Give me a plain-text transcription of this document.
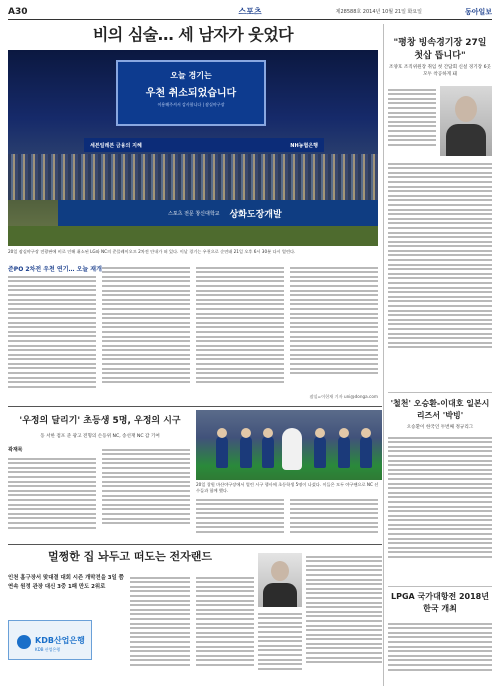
A30	스포츠	제28588호 2014년 10월 21일 화요일	동아일보
비의 심술… 세 남자가 웃었다
오늘 경기는
우천 취소되었습니다
이용해주셔서 감사합니다 | 잠실야구장
세븐일레븐 금융의 지혜	NH농협은행
스포츠 전문 창신대학교 상화도장개발
20일 잠실야구장 전광판에 비로 인해 취소된 LG와 NC의 준플레이오프 2차전 안내가 떠 있다. 이날 경기는 우천으로 순연돼 21일 오후 6시 30분 다시 열린다.
준PO 2차전 우천 연기… 오늘 재개
잠실=이헌재 기자 uni@donga.com
"평창 빙속경기장 27일 첫삽 뜹니다"
조양호 조직위원장 취임 첫 간담회 신설 경기장 6곳 모두 착공하게 돼
'철천' 오승환-이대호 일본시리즈서 '박빙'
오승환이 한국인 두번째 정규리그
'우정의 달리기' 초등생 5명, 우정의 시구
동 서한 점포 준 광고 전형의 손등위 NC, 송선재 NC 갑 기여
곽재묵
20일 창원 마산야구장에서 열린 시구 행사에 초등학생 5명이 나섰다. 이들은 모두 야구팬으로 NC 선수들과 함께 했다.
멀쩡한 집 놔두고 떠도는 전자랜드
인천 홈구장서 맞대결 대회 시즌 개막전을 3일 쯤 연속 원정 관장 대신 3중 1패 만도 2위로
KDB산업은행
KDB 산업은행
LPGA 국가대항전 2018년 한국 개최
